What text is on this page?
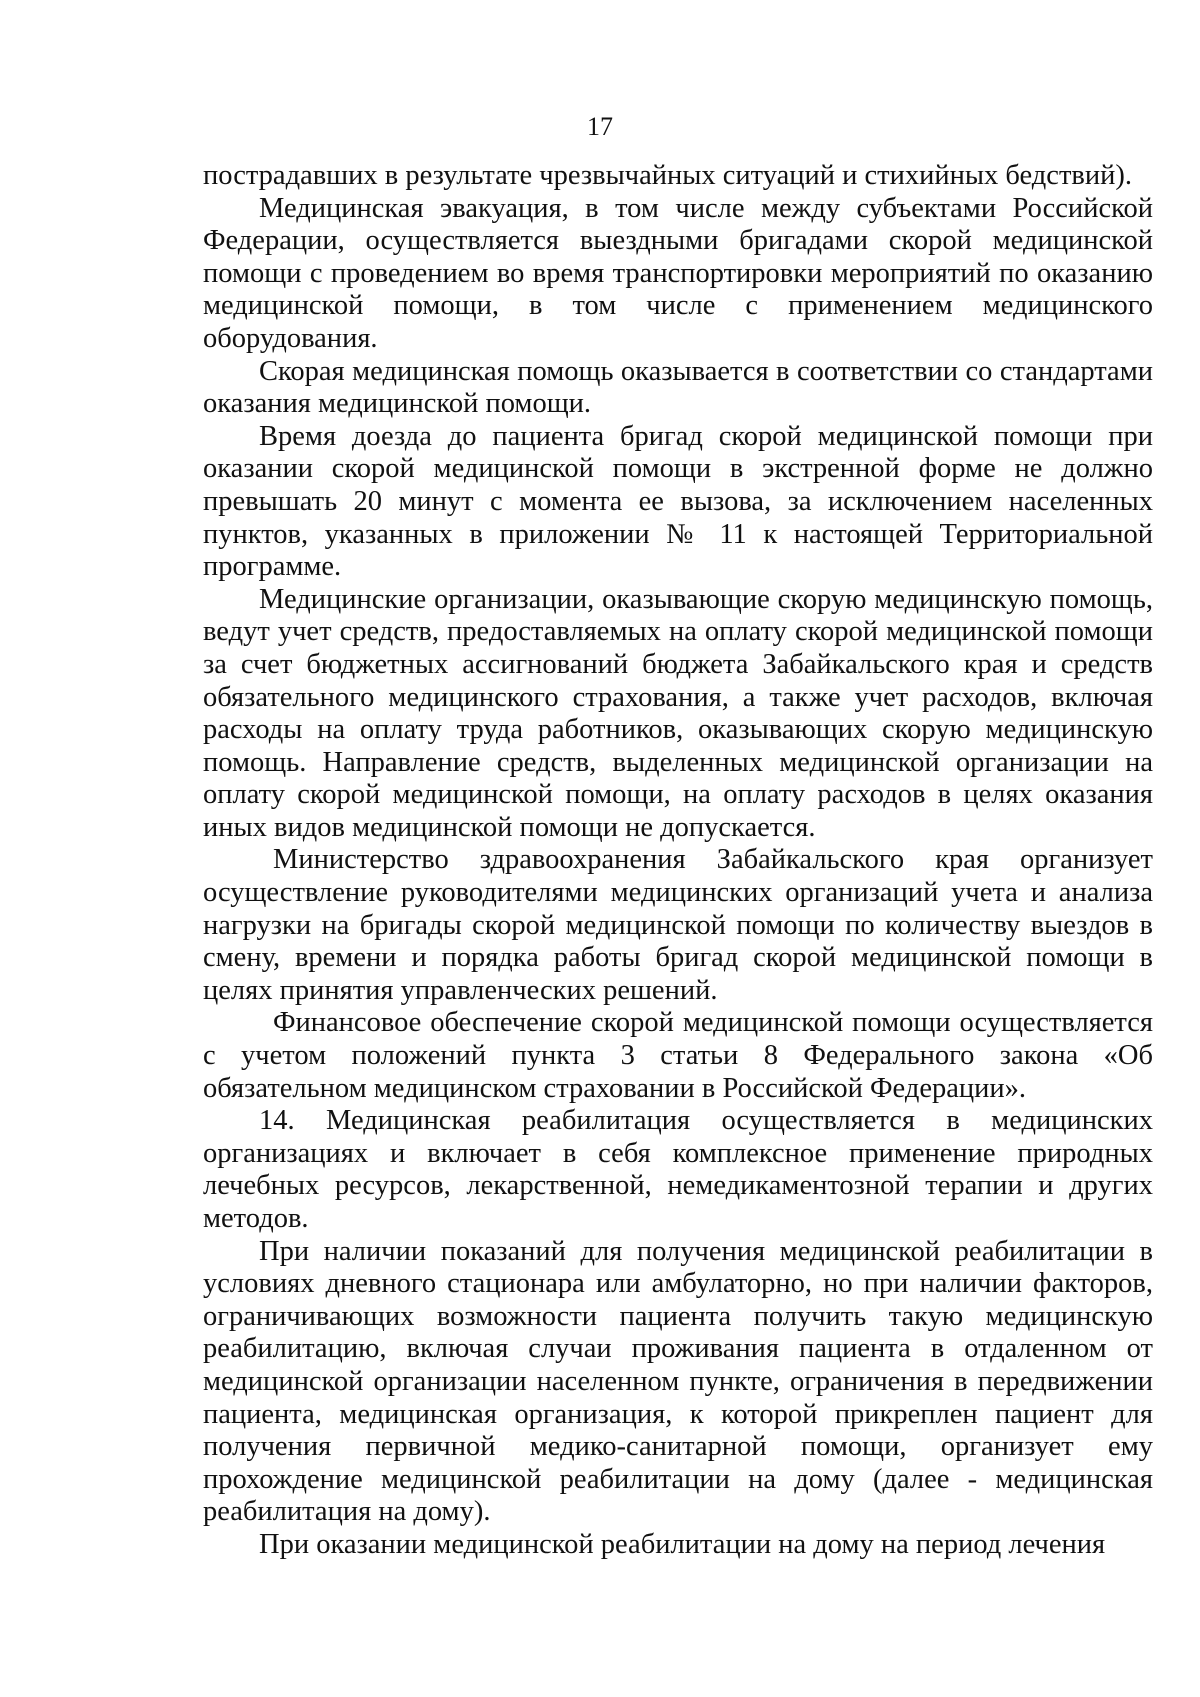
17

пострадавших в результате чрезвычайных ситуаций и стихийных бедствий).

Медицинская эвакуация, в том числе между субъектами Российской Федерации, осуществляется выездными бригадами скорой медицинской помощи с проведением во время транспортировки мероприятий по оказанию медицинской помощи, в том числе с применением медицинского оборудования.

Скорая медицинская помощь оказывается в соответствии со стандартами оказания медицинской помощи.

Время доезда до пациента бригад скорой медицинской помощи при оказании скорой медицинской помощи в экстренной форме не должно превышать 20 минут с момента ее вызова, за исключением населенных пунктов, указанных в приложении № 11 к настоящей Территориальной программе.

Медицинские организации, оказывающие скорую медицинскую помощь, ведут учет средств, предоставляемых на оплату скорой медицинской помощи за счет бюджетных ассигнований бюджета Забайкальского края и средств обязательного медицинского страхования, а также учет расходов, включая расходы на оплату труда работников, оказывающих скорую медицинскую помощь. Направление средств, выделенных медицинской организации на оплату скорой медицинской помощи, на оплату расходов в целях оказания иных видов медицинской помощи не допускается.

Министерство здравоохранения Забайкальского края организует осуществление руководителями медицинских организаций учета и анализа нагрузки на бригады скорой медицинской помощи по количеству выездов в смену, времени и порядка работы бригад скорой медицинской помощи в целях принятия управленческих решений.

Финансовое обеспечение скорой медицинской помощи осуществляется с учетом положений пункта 3 статьи 8 Федерального закона «Об обязательном медицинском страховании в Российской Федерации».

14. Медицинская реабилитация осуществляется в медицинских организациях и включает в себя комплексное применение природных лечебных ресурсов, лекарственной, немедикаментозной терапии и других методов.

При наличии показаний для получения медицинской реабилитации в условиях дневного стационара или амбулаторно, но при наличии факторов, ограничивающих возможности пациента получить такую медицинскую реабилитацию, включая случаи проживания пациента в отдаленном от медицинской организации населенном пункте, ограничения в передвижении пациента, медицинская организация, к которой прикреплен пациент для получения первичной медико-санитарной помощи, организует ему прохождение медицинской реабилитации на дому (далее - медицинская реабилитация на дому).

При оказании медицинской реабилитации на дому на период лечения
